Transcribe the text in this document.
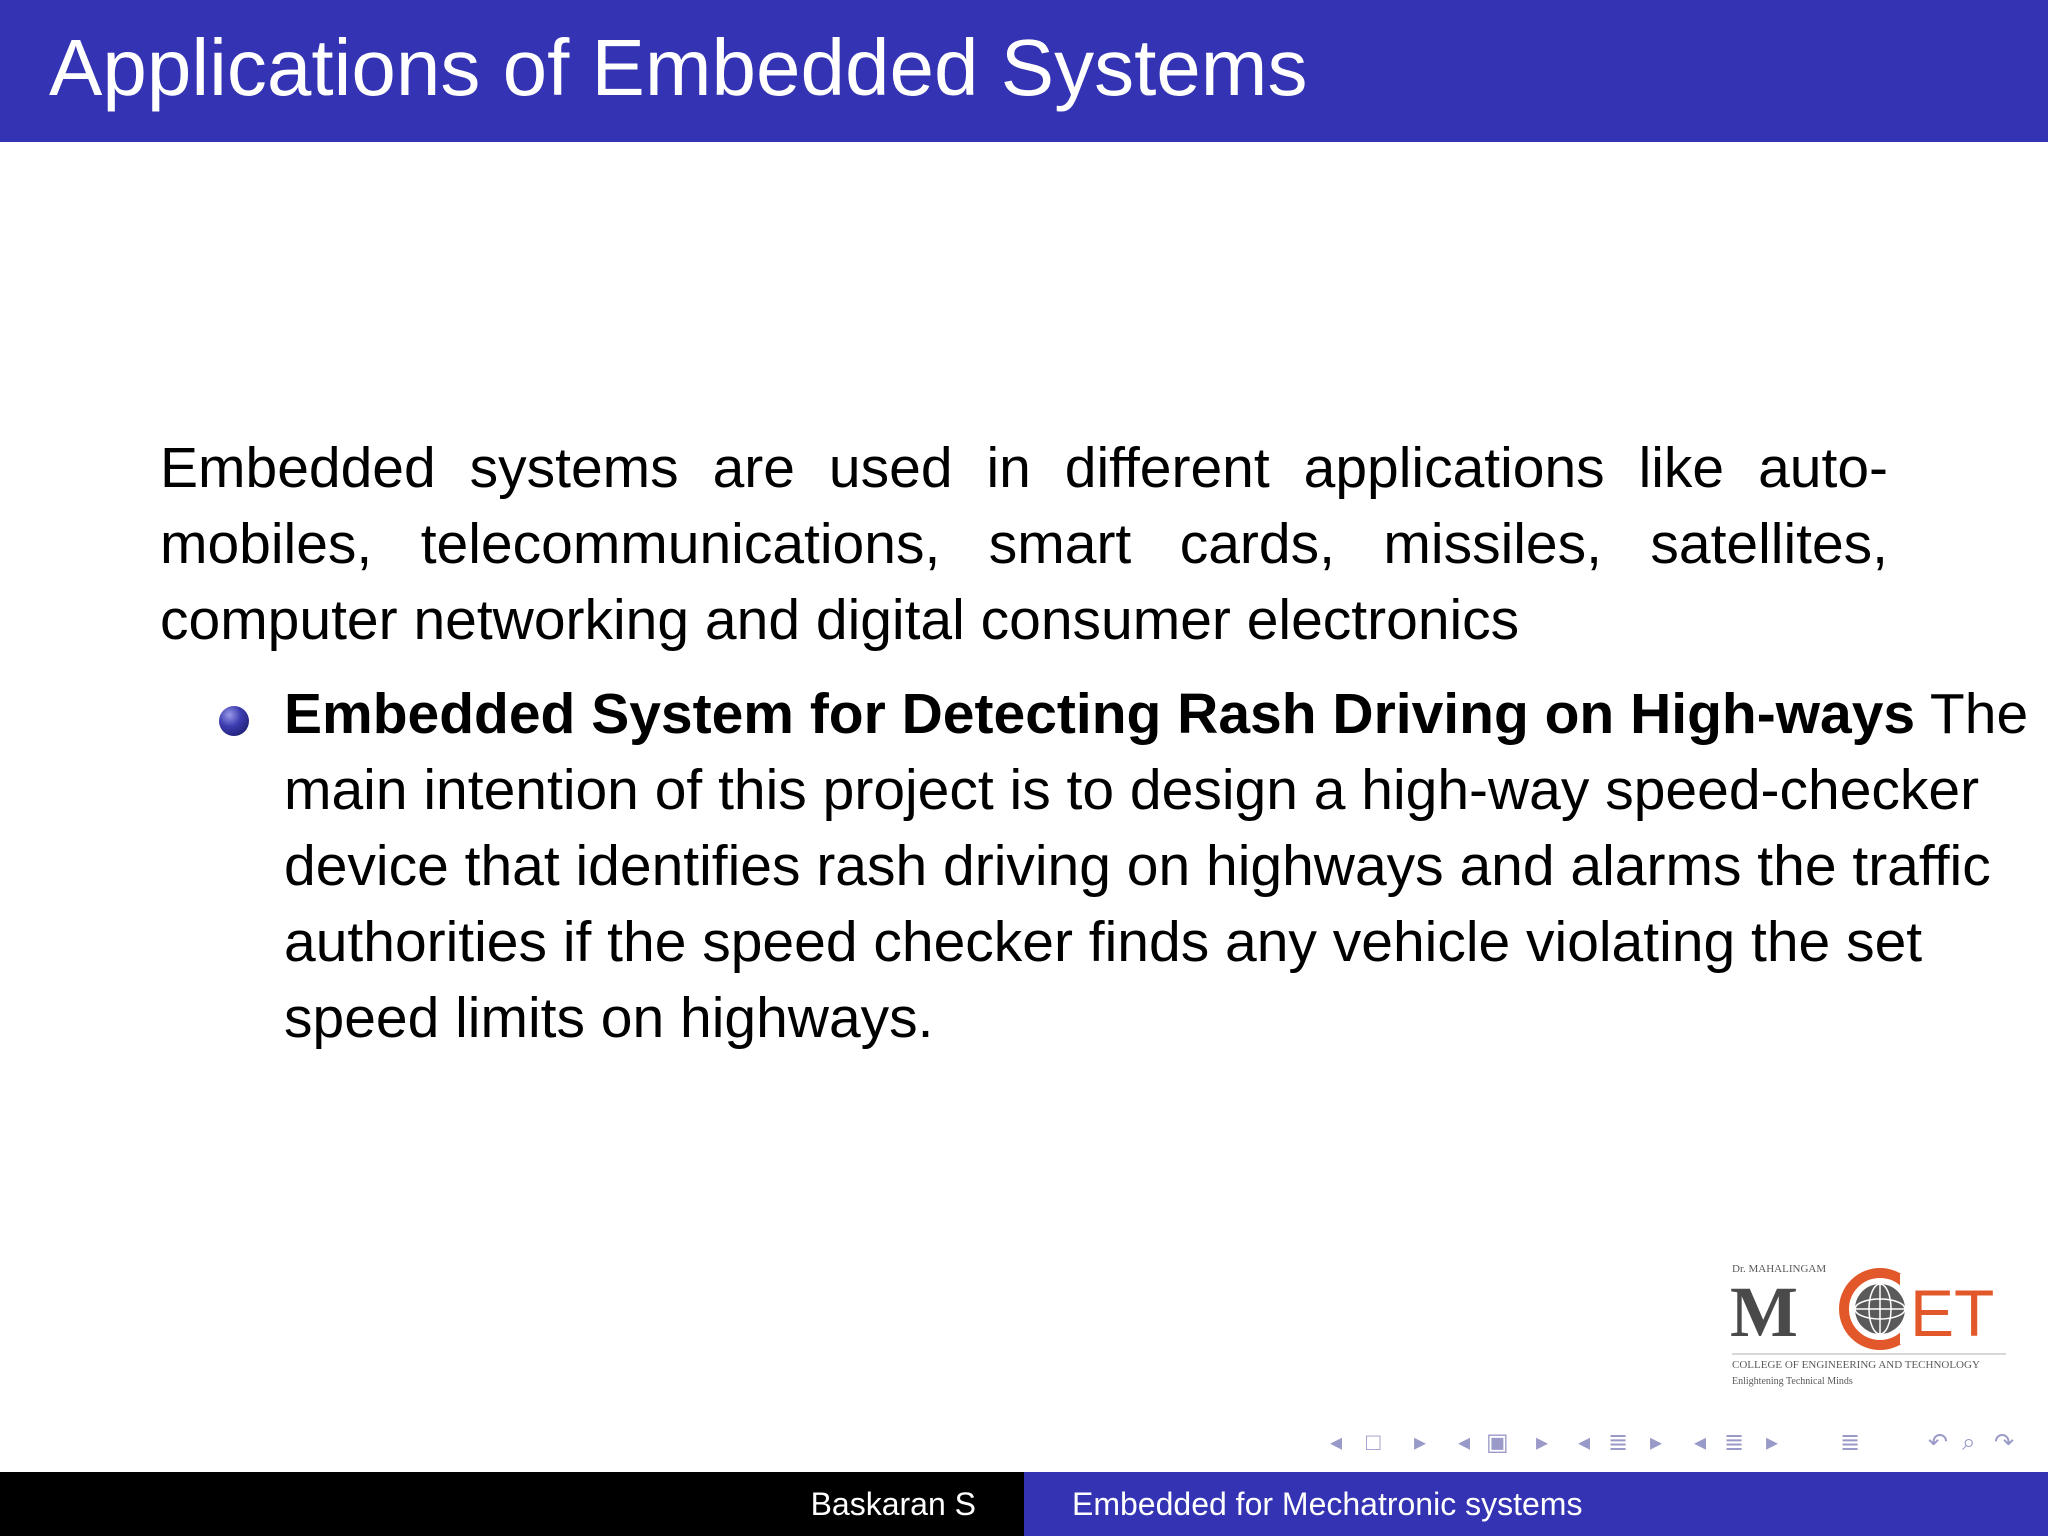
Applications of Embedded Systems

Embedded systems are used in different applications like auto-mobiles, telecommunications, smart cards, missiles, satellites, computer networking and digital consumer electronics

Embedded System for Detecting Rash Driving on High-ways The main intention of this project is to design a high-way speed-checker device that identifies rash driving on highways and alarms the traffic authorities if the speed checker finds any vehicle violating the set speed limits on highways.
Dr. MAHALINGAM
M ET
COLLEGE OF ENGINEERING AND TECHNOLOGY
Enlightening Technical Minds
◂ □ ▸ ◂ ▣ ▸ ◂ ≣ ▸ ◂ ≣ ▸	≣	↶ ⌕ ↷
Baskaran S	Embedded for Mechatronic systems
